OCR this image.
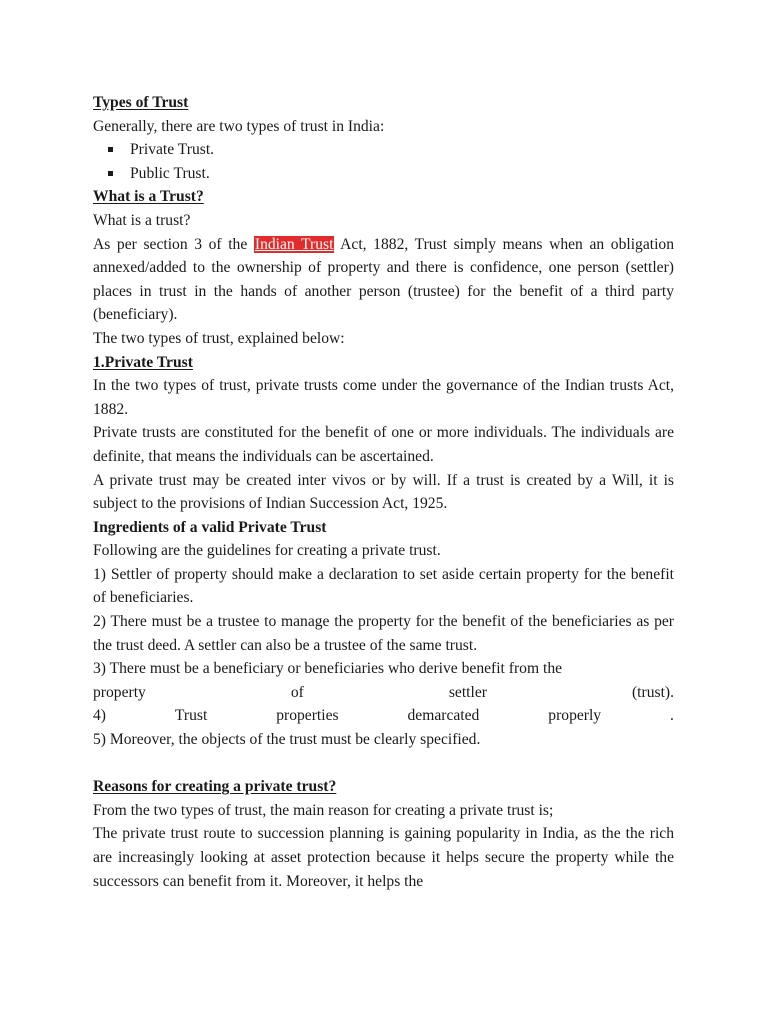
Types of Trust
Generally, there are two types of trust in India:
Private Trust.
Public Trust.
What is a Trust?
What is a trust?
As per section 3 of the Indian Trust Act, 1882, Trust simply means when an obligation annexed/added to the ownership of property and there is confidence, one person (settler) places in trust in the hands of another person (trustee) for the benefit of a third party (beneficiary).
The two types of trust, explained below:
1.Private Trust
In the two types of trust, private trusts come under the governance of the Indian trusts Act, 1882.
Private trusts are constituted for the benefit of one or more individuals. The individuals are definite, that means the individuals can be ascertained.
A private trust may be created inter vivos or by will. If a trust is created by a Will, it is subject to the provisions of Indian Succession Act, 1925.
Ingredients of a valid Private Trust
Following are the guidelines for creating a private trust.
1) Settler of property should make a declaration to set aside certain property for the benefit of beneficiaries.
2) There must be a trustee to manage the property for the benefit of the beneficiaries as per the trust deed. A settler can also be a trustee of the same trust.
3) There must be a beneficiary or beneficiaries who derive benefit from the
property	of	settler	(trust).
4)	Trust	properties	demarcated	properly	.
5) Moreover, the objects of the trust must be clearly specified.
Reasons for creating a private trust?
From the two types of trust, the main reason for creating a private trust is;
The private trust route to succession planning is gaining popularity in India, as the the rich are increasingly looking at asset protection because it helps secure the property while the successors can benefit from it. Moreover, it helps the
